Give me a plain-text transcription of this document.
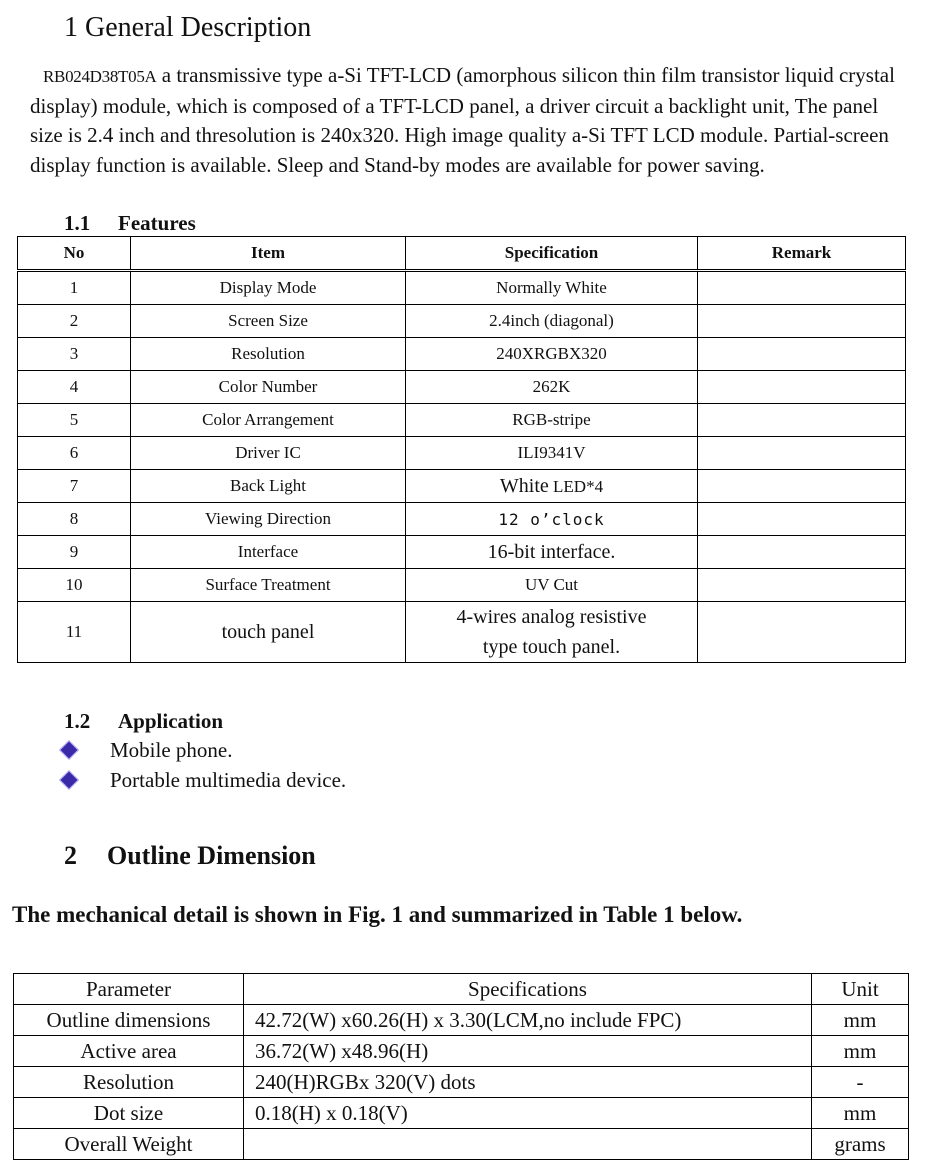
1 General Description
RB024D38T05A a transmissive type a-Si TFT-LCD (amorphous silicon thin film transistor liquid crystal display) module, which is composed of a TFT-LCD panel, a driver circuit a backlight unit, The panel size is 2.4 inch and thresolution is 240x320. High image quality a-Si TFT LCD module. Partial-screen display function is available. Sleep and Stand-by modes are available for power saving.
1.1 Features
No	Item	Specification	Remark
1	Display Mode	Normally White	
2	Screen Size	2.4inch (diagonal)	
3	Resolution	240XRGBX320	
4	Color Number	262K	
5	Color Arrangement	RGB-stripe	
6	Driver IC	ILI9341V	
7	Back Light	White LED*4	
8	Viewing Direction	12 o’clock	
9	Interface	16-bit interface.	
10	Surface Treatment	UV Cut	
11	touch panel	4-wires analog resistive
type touch panel.	

1.2 Application
Mobile phone.
Portable multimedia device.
2 Outline Dimension
The mechanical detail is shown in Fig. 1 and summarized in Table 1 below.
Parameter	Specifications	Unit
Outline dimensions	42.72(W) x60.26(H) x 3.30(LCM,no include FPC)	mm
Active area	36.72(W) x48.96(H)	mm
Resolution	240(H)RGBx 320(V) dots	-
Dot size	0.18(H) x 0.18(V)	mm
Overall Weight		grams
